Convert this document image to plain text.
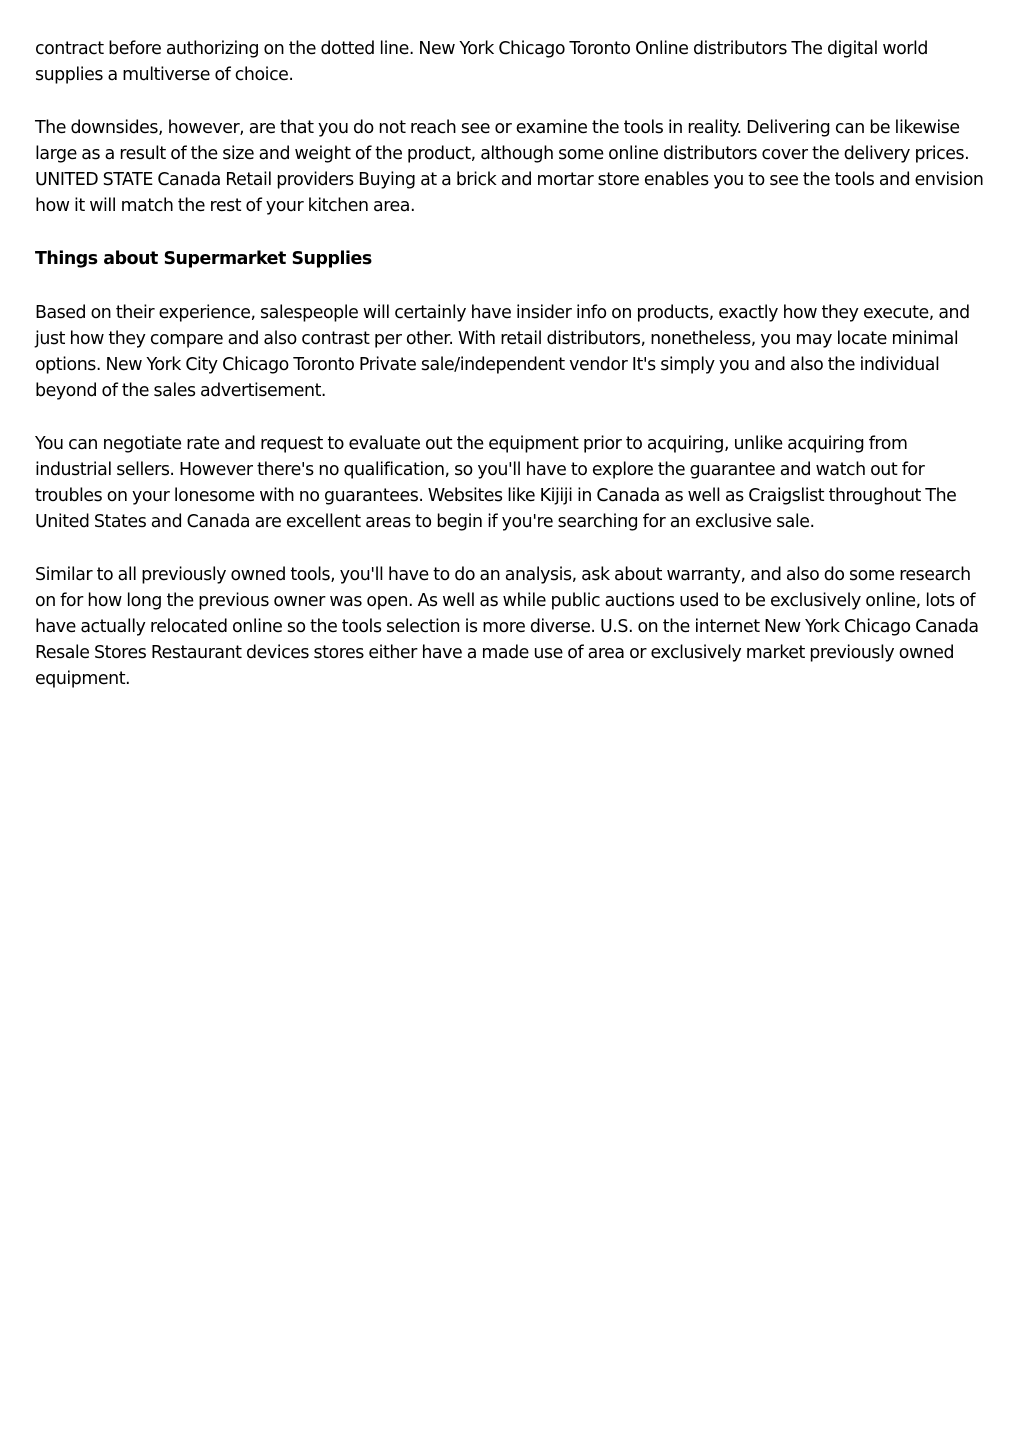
contract before authorizing on the dotted line. New York Chicago Toronto Online distributors The digital world supplies a multiverse of choice.

The downsides, however, are that you do not reach see or examine the tools in reality. Delivering can be likewise large as a result of the size and weight of the product, although some online distributors cover the delivery prices. UNITED STATE Canada Retail providers Buying at a brick and mortar store enables you to see the tools and envision how it will match the rest of your kitchen area.

Things about Supermarket Supplies

Based on their experience, salespeople will certainly have insider info on products, exactly how they execute, and just how they compare and also contrast per other. With retail distributors, nonetheless, you may locate minimal options. New York City Chicago Toronto Private sale/independent vendor It's simply you and also the individual beyond of the sales advertisement.

You can negotiate rate and request to evaluate out the equipment prior to acquiring, unlike acquiring from industrial sellers. However there's no qualification, so you'll have to explore the guarantee and watch out for troubles on your lonesome with no guarantees. Websites like Kijiji in Canada as well as Craigslist throughout The United States and Canada are excellent areas to begin if you're searching for an exclusive sale.

Similar to all previously owned tools, you'll have to do an analysis, ask about warranty, and also do some research on for how long the previous owner was open. As well as while public auctions used to be exclusively online, lots of have actually relocated online so the tools selection is more diverse. U.S. on the internet New York Chicago Canada Resale Stores Restaurant devices stores either have a made use of area or exclusively market previously owned equipment.
